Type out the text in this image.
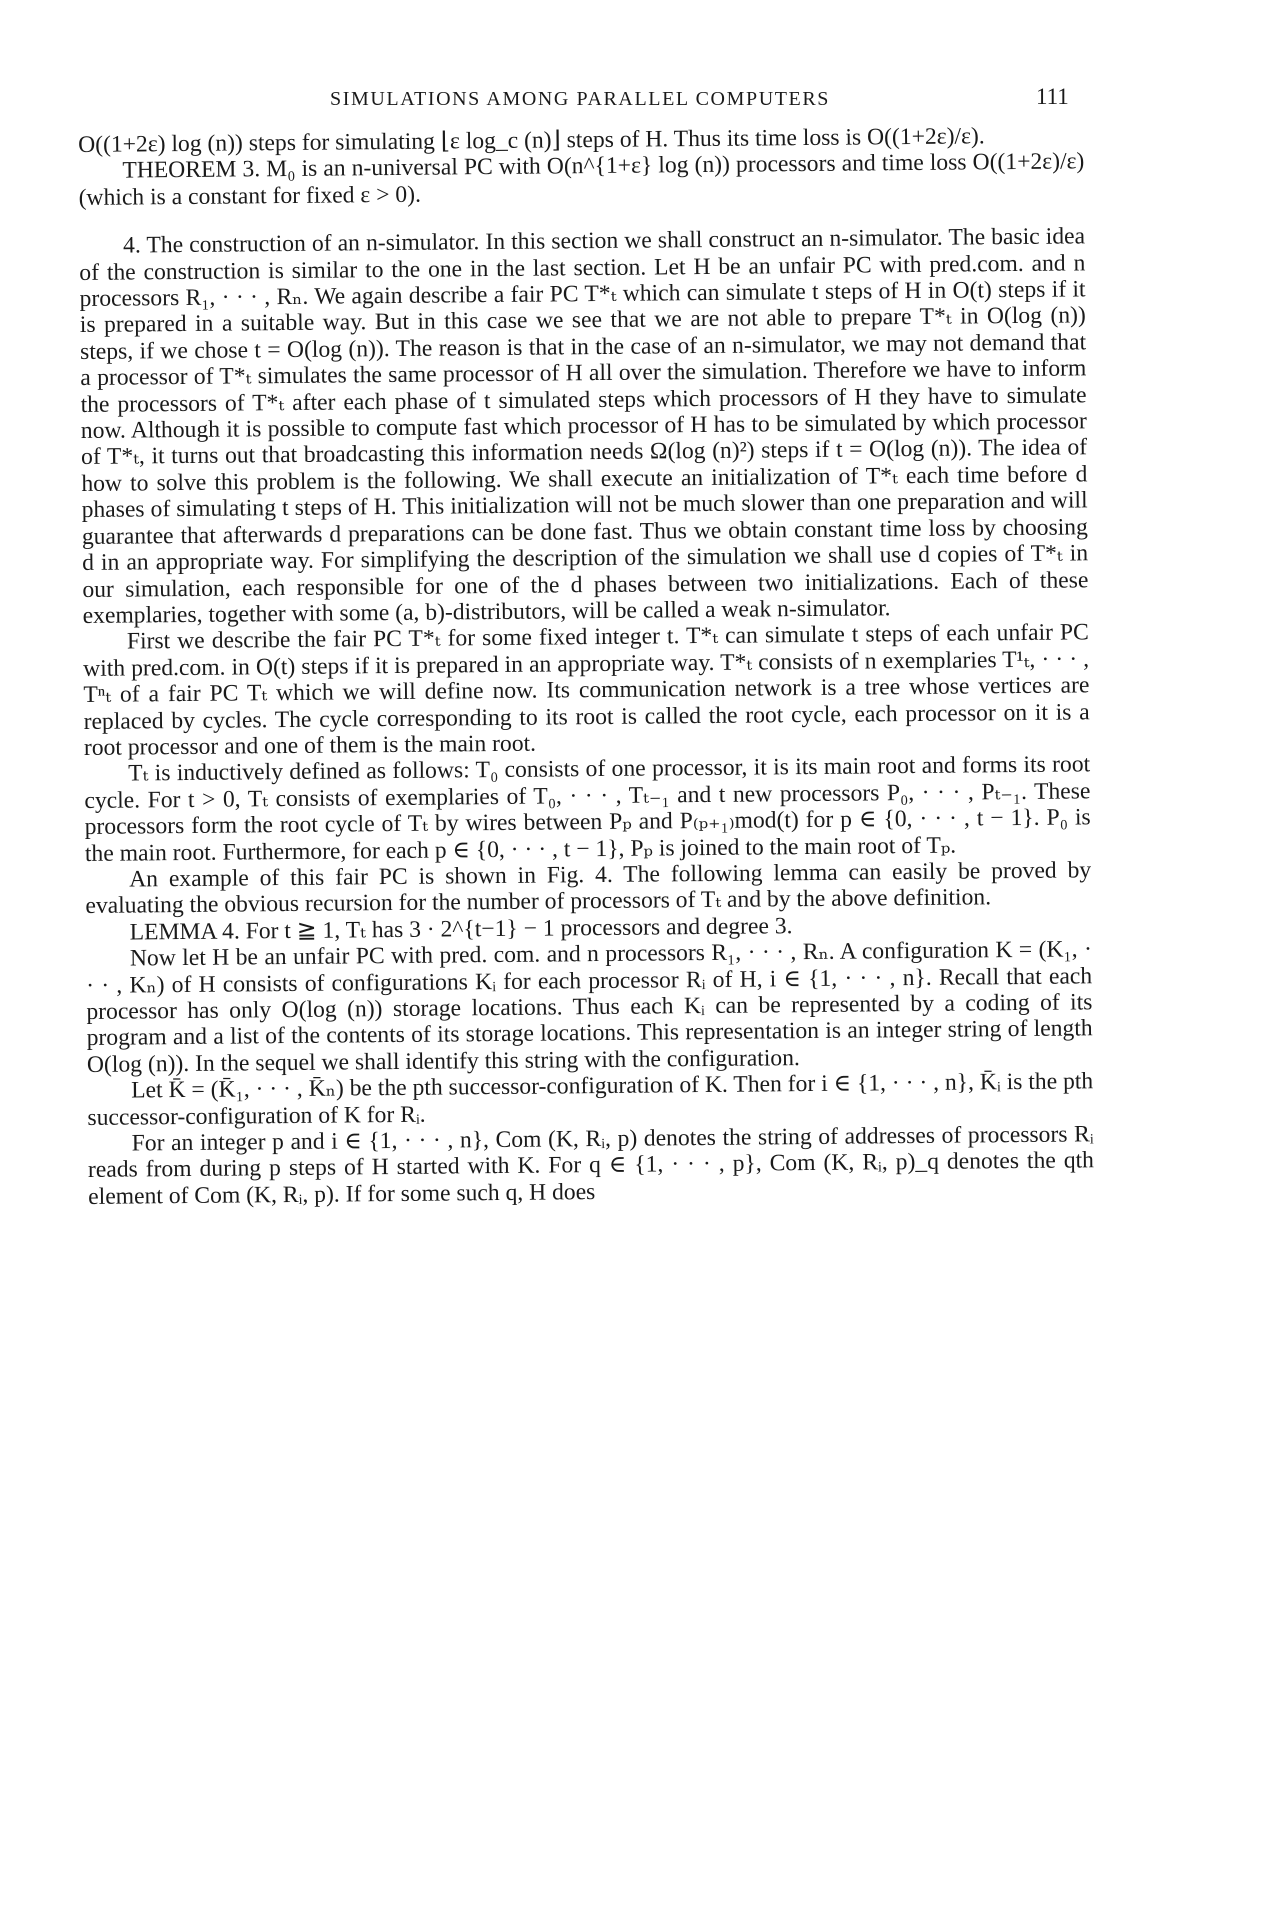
SIMULATIONS AMONG PARALLEL COMPUTERS	111

O((1+2ε) log (n)) steps for simulating ⌊ε log_c (n)⌋ steps of H. Thus its time loss is O((1+2ε)/ε).

THEOREM 3. M₀ is an n-universal PC with O(n^{1+ε} log (n)) processors and time loss O((1+2ε)/ε) (which is a constant for fixed ε > 0).

4. The construction of an n-simulator. In this section we shall construct an n-simulator. The basic idea of the construction is similar to the one in the last section. Let H be an unfair PC with pred.com. and n processors R₁, · · · , Rₙ. We again describe a fair PC T*ₜ which can simulate t steps of H in O(t) steps if it is prepared in a suitable way. But in this case we see that we are not able to prepare T*ₜ in O(log (n)) steps, if we chose t = O(log (n)). The reason is that in the case of an n-simulator, we may not demand that a processor of T*ₜ simulates the same processor of H all over the simulation. Therefore we have to inform the processors of T*ₜ after each phase of t simulated steps which processors of H they have to simulate now. Although it is possible to compute fast which processor of H has to be simulated by which processor of T*ₜ, it turns out that broadcasting this information needs Ω(log (n)²) steps if t = O(log (n)). The idea of how to solve this problem is the following. We shall execute an initialization of T*ₜ each time before d phases of simulating t steps of H. This initialization will not be much slower than one preparation and will guarantee that afterwards d preparations can be done fast. Thus we obtain constant time loss by choosing d in an appropriate way. For simplifying the description of the simulation we shall use d copies of T*ₜ in our simulation, each responsible for one of the d phases between two initializations. Each of these exemplaries, together with some (a, b)-distributors, will be called a weak n-simulator.

First we describe the fair PC T*ₜ for some fixed integer t. T*ₜ can simulate t steps of each unfair PC with pred.com. in O(t) steps if it is prepared in an appropriate way. T*ₜ consists of n exemplaries T¹ₜ, · · · , Tⁿₜ of a fair PC Tₜ which we will define now. Its communication network is a tree whose vertices are replaced by cycles. The cycle corresponding to its root is called the root cycle, each processor on it is a root processor and one of them is the main root.

Tₜ is inductively defined as follows: T₀ consists of one processor, it is its main root and forms its root cycle. For t > 0, Tₜ consists of exemplaries of T₀, · · · , Tₜ₋₁ and t new processors P₀, · · · , Pₜ₋₁. These processors form the root cycle of Tₜ by wires between Pₚ and P₍ₚ₊₁₎mod(t) for p ∈ {0, · · · , t − 1}. P₀ is the main root. Furthermore, for each p ∈ {0, · · · , t − 1}, Pₚ is joined to the main root of Tₚ.

An example of this fair PC is shown in Fig. 4. The following lemma can easily be proved by evaluating the obvious recursion for the number of processors of Tₜ and by the above definition.

LEMMA 4. For t ≧ 1, Tₜ has 3 · 2^{t−1} − 1 processors and degree 3.

Now let H be an unfair PC with pred. com. and n processors R₁, · · · , Rₙ. A configuration K = (K₁, · · · , Kₙ) of H consists of configurations Kᵢ for each processor Rᵢ of H, i ∈ {1, · · · , n}. Recall that each processor has only O(log (n)) storage locations. Thus each Kᵢ can be represented by a coding of its program and a list of the contents of its storage locations. This representation is an integer string of length O(log (n)). In the sequel we shall identify this string with the configuration.

Let K̄ = (K̄₁, · · · , K̄ₙ) be the pth successor-configuration of K. Then for i ∈ {1, · · · , n}, K̄ᵢ is the pth successor-configuration of K for Rᵢ.

For an integer p and i ∈ {1, · · · , n}, Com (K, Rᵢ, p) denotes the string of addresses of processors Rᵢ reads from during p steps of H started with K. For q ∈ {1, · · · , p}, Com (K, Rᵢ, p)_q denotes the qth element of Com (K, Rᵢ, p). If for some such q, H does
